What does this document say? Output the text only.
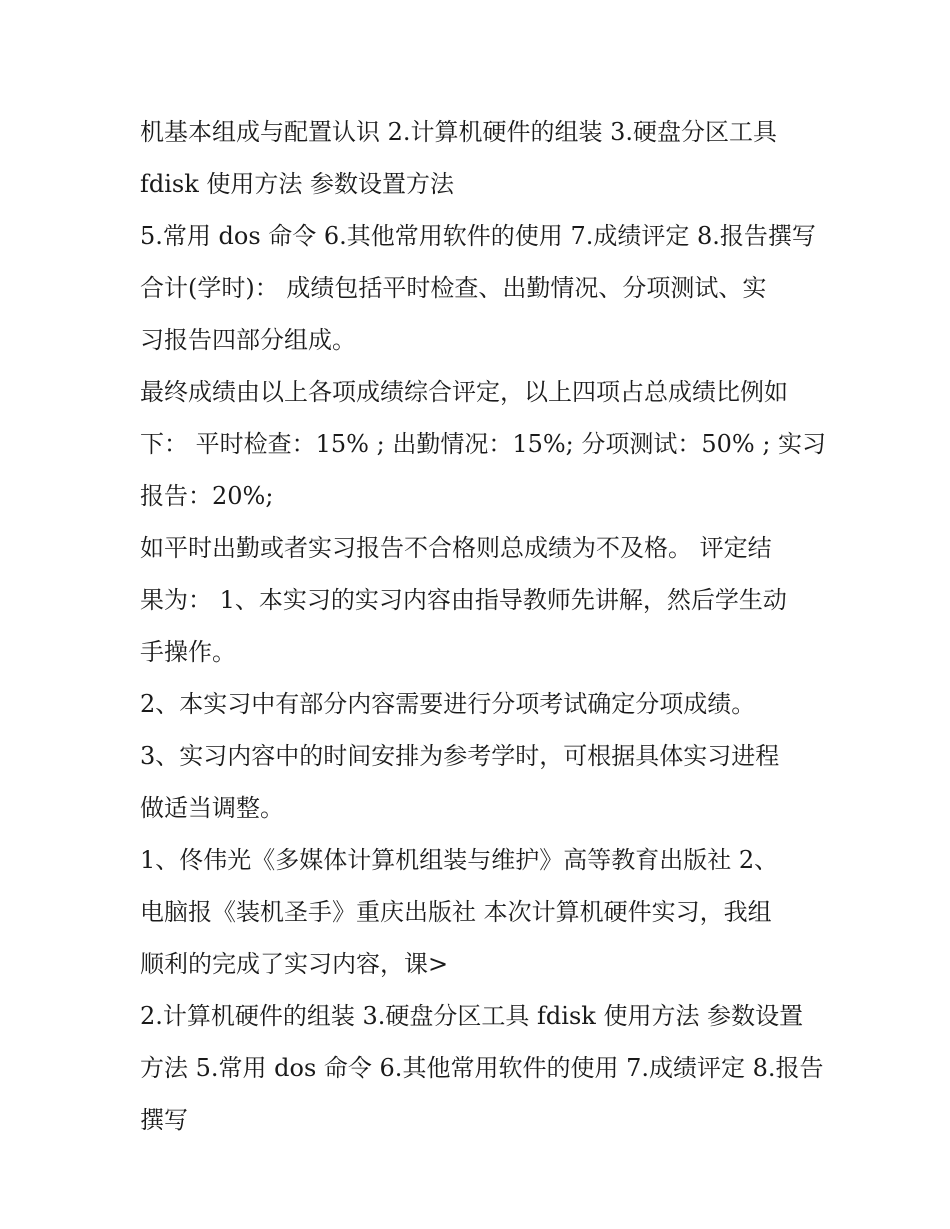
机基本组成与配置认识 2.计算机硬件的组装 3.硬盘分区工具
fdisk 使用方法 参数设置方法
5.常用 dos 命令 6.其他常用软件的使用 7.成绩评定 8.报告撰写
合计(学时)： 成绩包括平时检查、出勤情况、分项测试、实
习报告四部分组成。
最终成绩由以上各项成绩综合评定，以上四项占总成绩比例如
下： 平时检查：15% ; 出勤情况：15%; 分项测试：50% ; 实习
报告：20%;
如平时出勤或者实习报告不合格则总成绩为不及格。 评定结
果为： 1、本实习的实习内容由指导教师先讲解，然后学生动
手操作。
2、本实习中有部分内容需要进行分项考试确定分项成绩。
3、实习内容中的时间安排为参考学时，可根据具体实习进程
做适当调整。
1、佟伟光《多媒体计算机组装与维护》高等教育出版社 2、
电脑报《装机圣手》重庆出版社 本次计算机硬件实习，我组
顺利的完成了实习内容，课>
2.计算机硬件的组装 3.硬盘分区工具 fdisk 使用方法 参数设置
方法 5.常用 dos 命令 6.其他常用软件的使用 7.成绩评定 8.报告
撰写
